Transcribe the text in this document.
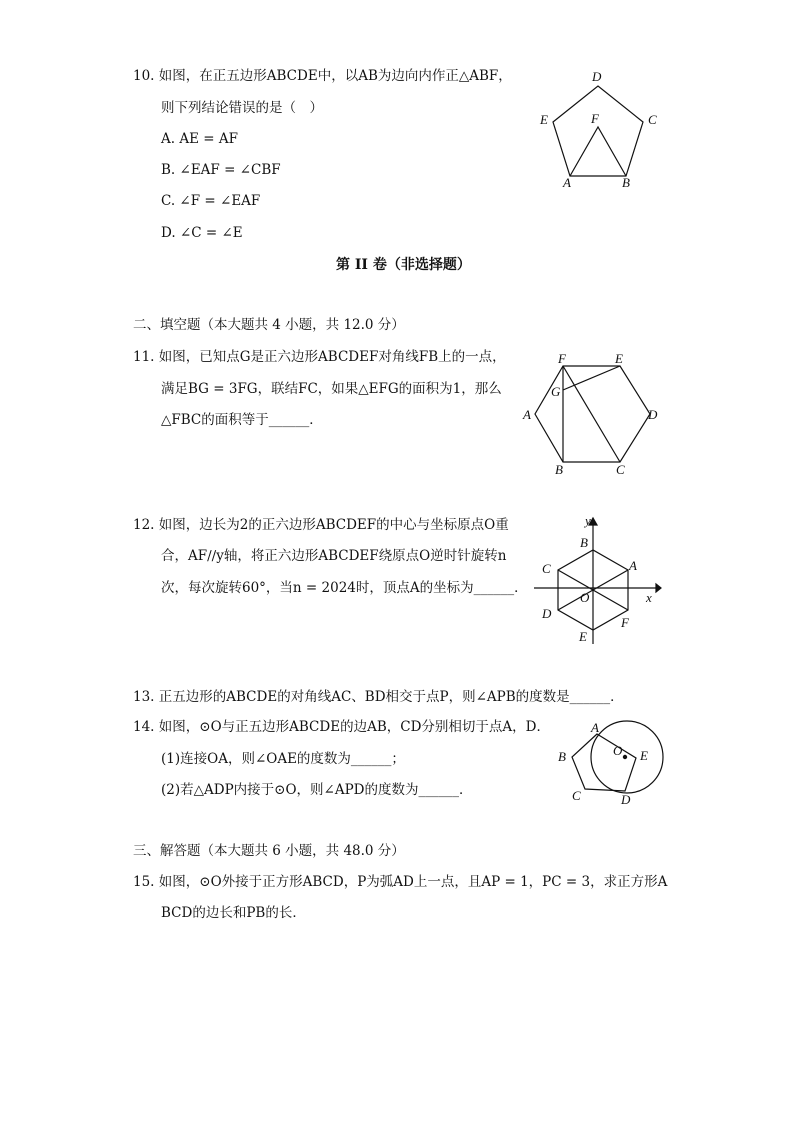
10. 如图，在正五边形ABCDE中，以AB为边向内作正△ABF，
则下列结论错误的是（　）
A. AE = AF
B. ∠EAF = ∠CBF
C. ∠F = ∠EAF
D. ∠C = ∠E
D
E	C
F
A	B
第 II 卷（非选择题）
二、填空题（本大题共 4 小题，共 12.0 分）
11. 如图，已知点G是正六边形ABCDEF对角线FB上的一点，
满足BG = 3FG，联结FC，如果△EFG的面积为1，那么
△FBC的面积等于______．
F	E
A	D
G
B	C
12. 如图，边长为2的正六边形ABCDEF的中心与坐标原点O重
合，AF∕∕y轴，将正六边形ABCDEF绕原点O逆时针旋转n
次，每次旋转60°，当n = 2024时，顶点A的坐标为______．
y
x
B
C	A
O
D
F
E
13. 正五边形的ABCDE的对角线AC、BD相交于点P，则∠APB的度数是______．
14. 如图，⊙O与正五边形ABCDE的边AB，CD分别相切于点A，D．
(1)连接OA，则∠OAE的度数为______；
(2)若△ADP内接于⊙O，则∠APD的度数为______．
A
B	O E
C	D
三、解答题（本大题共 6 小题，共 48.0 分）
15. 如图，⊙O外接于正方形ABCD，P为弧AD上一点，且AP = 1，PC = 3，求正方形A
BCD的边长和PB的长．
